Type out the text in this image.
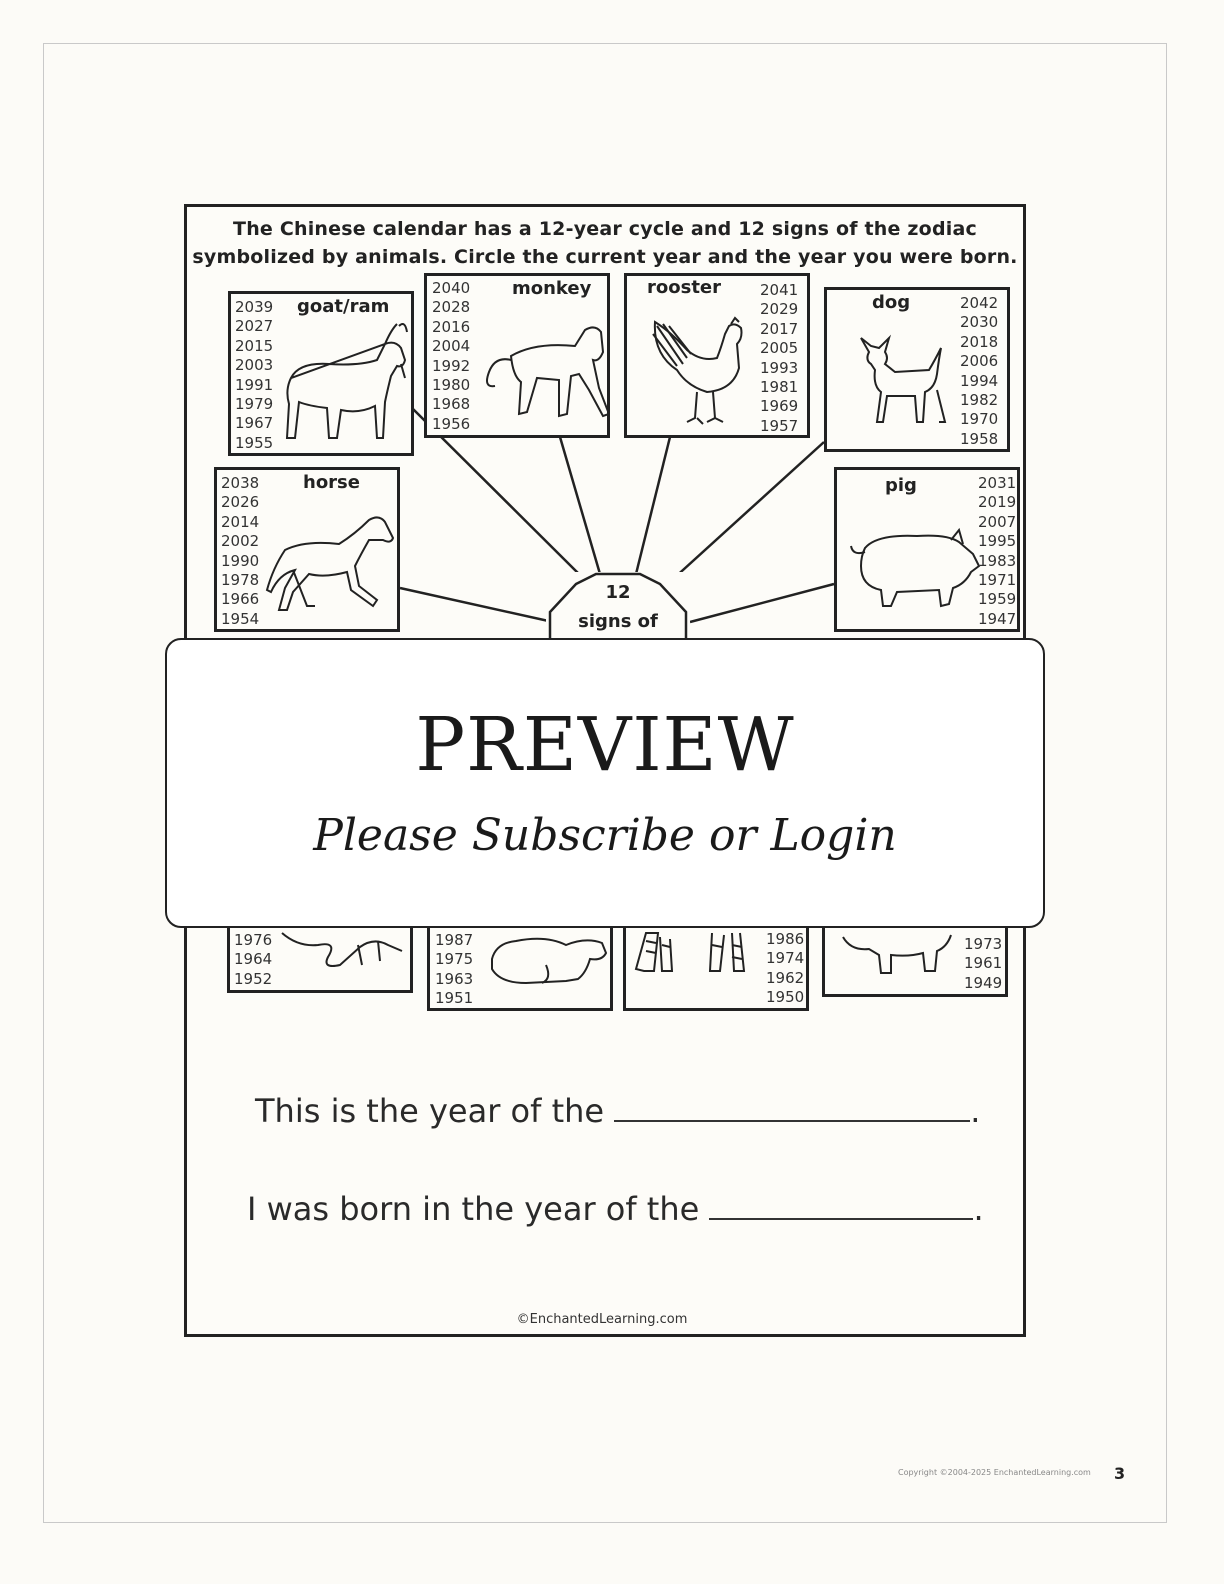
The Chinese calendar has a 12-year cycle and 12 signs of the zodiac
symbolized by animals. Circle the current year and the year you were born.
12
signs of
2039
2027
2015
2003
1991
1979
1967
1955
goat/ram
2040
2028
2016
2004
1992
1980
1968
1956
monkey	rooster	2041
2029
2017
2005
1993
1981
1969
1957
dog	2042
2030
2018
2006
1994
1982
1970
1958
2038
2026
2014
2002
1990
1978
1966
1954
horse	pig	2031
2019
2007
1995
1983
1971
1959
1947
1976
1964
1952
1987
1975
1963
1951
1986
1974
1962
1950
1973
1961
1949
This is the year of the	.
I was born in the year of the	.
©EnchantedLearning.com
PREVIEW
Please Subscribe or Login
Copyright ©2004-2025 EnchantedLearning.com 3
